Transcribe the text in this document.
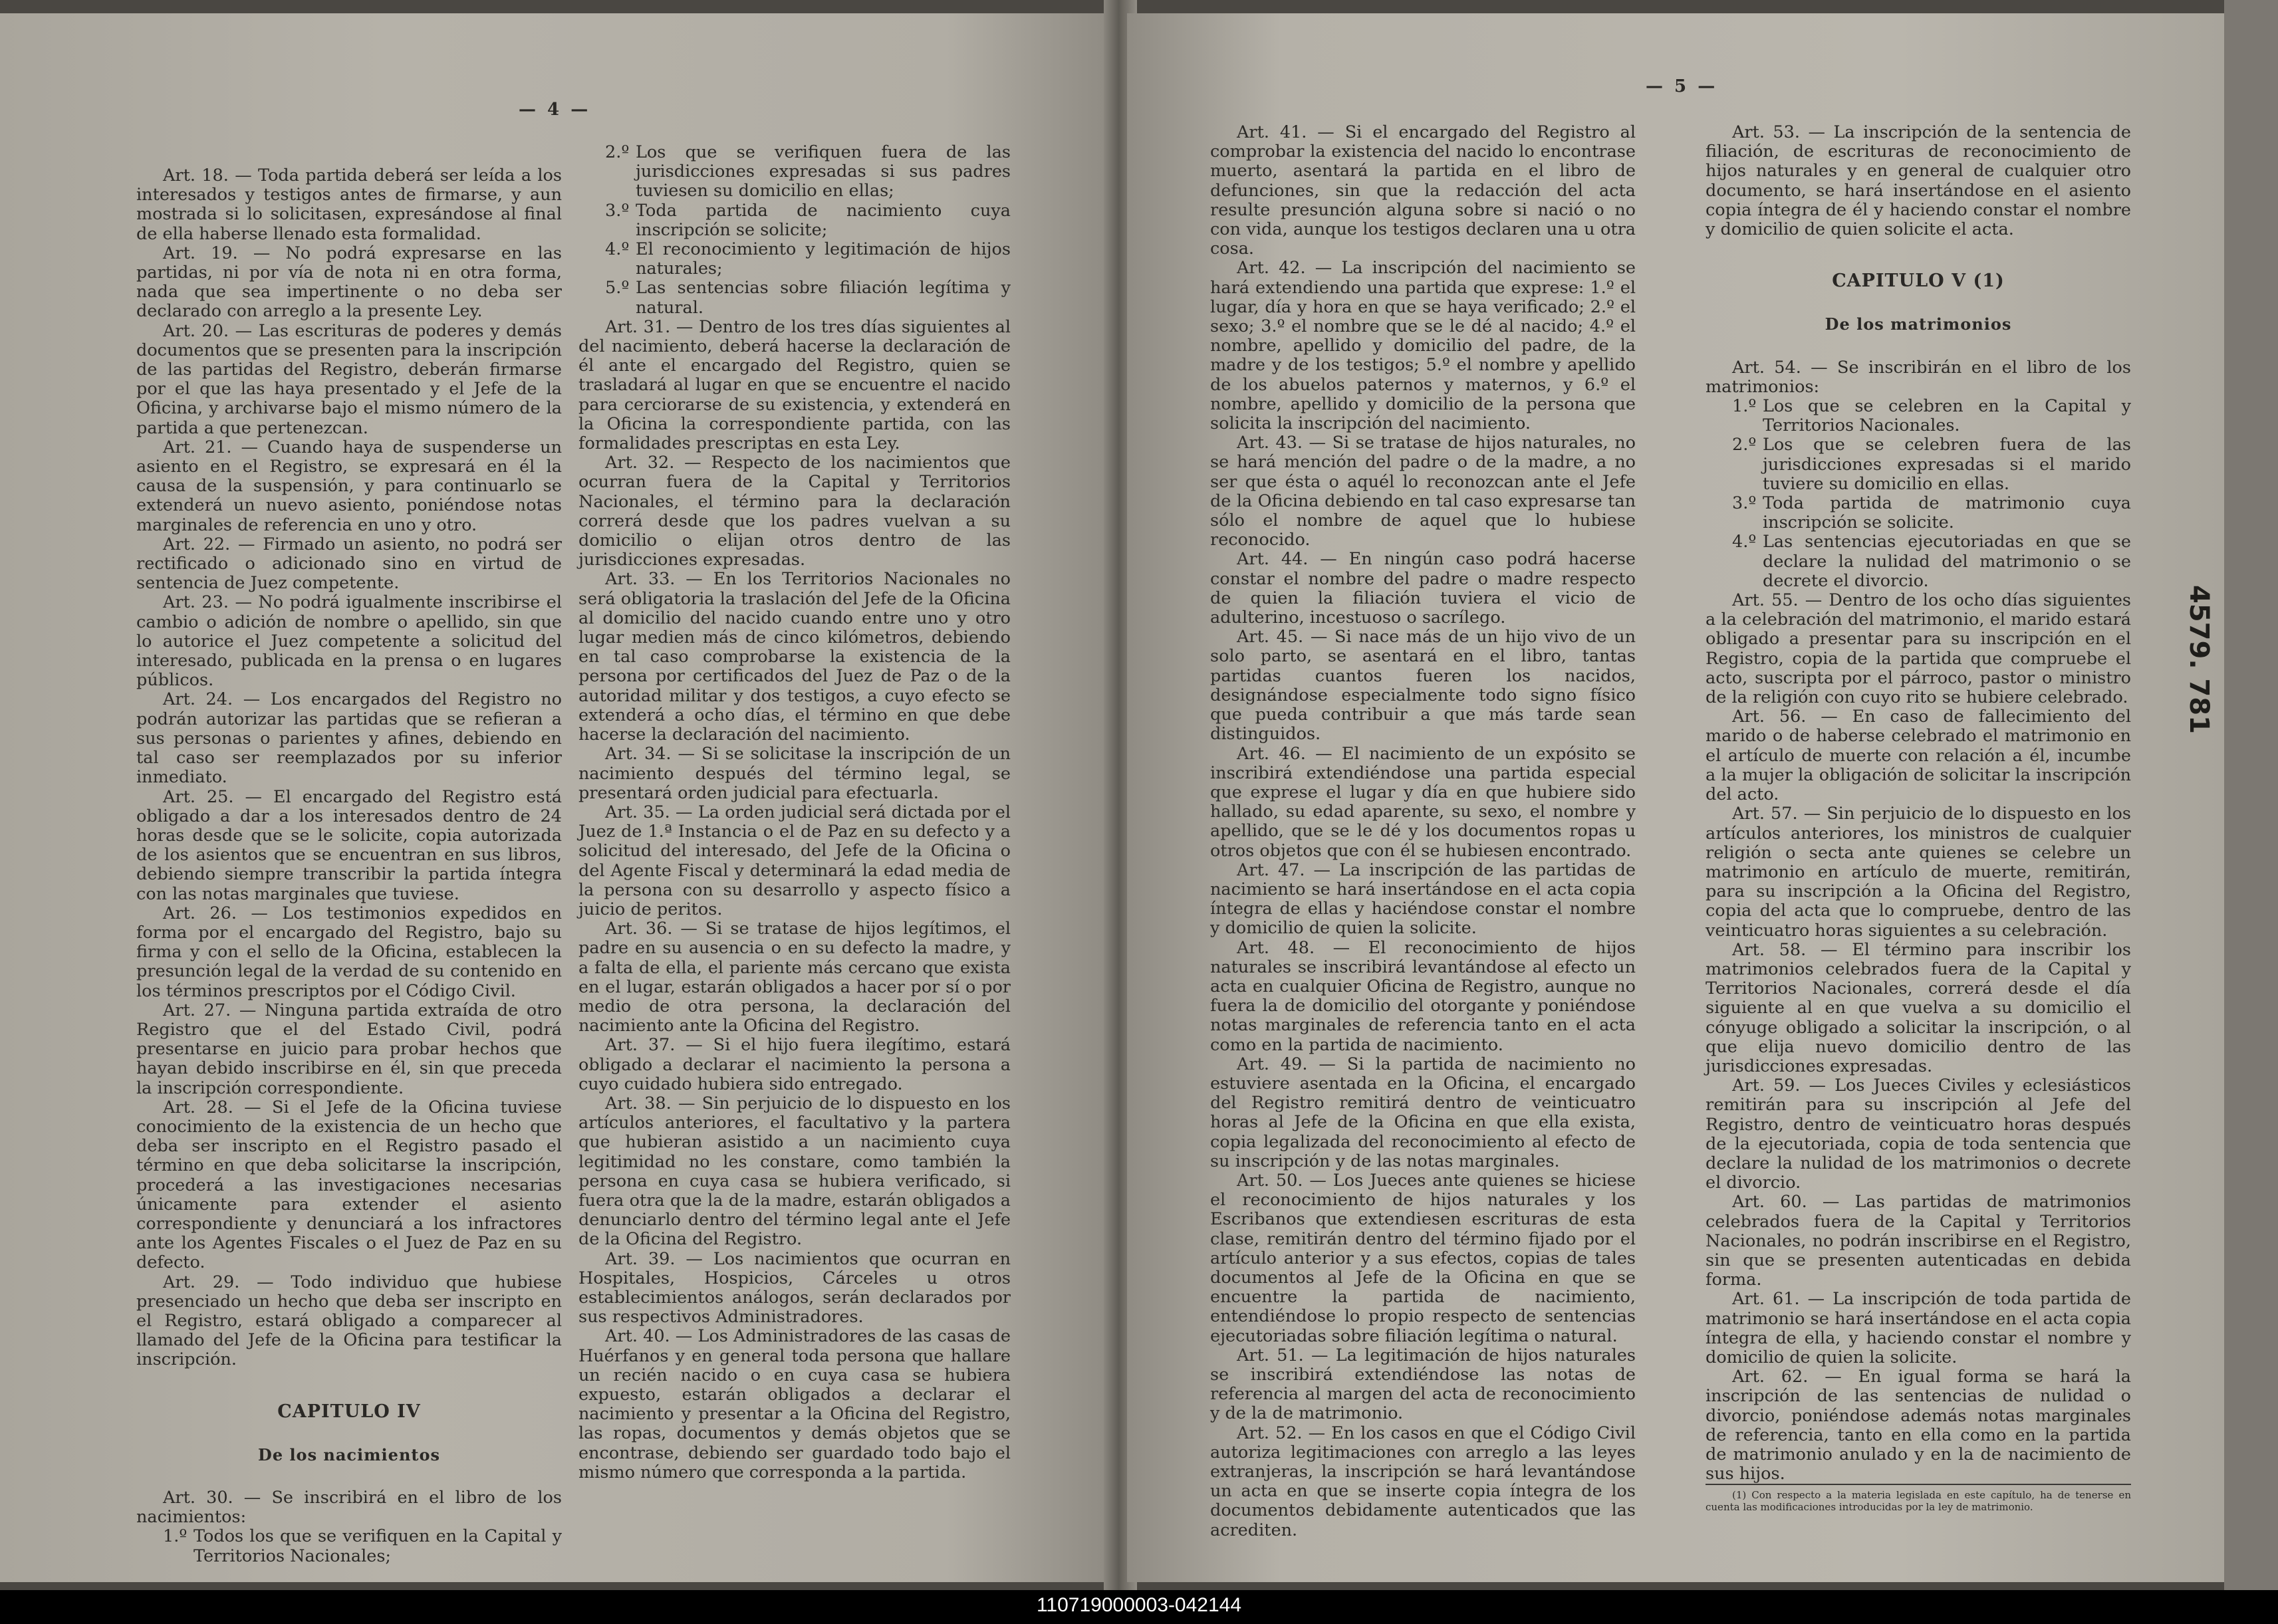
— 4 —

Art. 18. — Toda partida deberá ser leída a los interesados y testigos antes de firmarse, y aun mostrada si lo solicitasen, expresándose al final de ella haberse llenado esta formalidad.

Art. 19. — No podrá expresarse en las partidas, ni por vía de nota ni en otra forma, nada que sea impertinente o no deba ser declarado con arreglo a la presente Ley.

Art. 20. — Las escrituras de poderes y demás documentos que se presenten para la inscripción de las partidas del Registro, deberán firmarse por el que las haya presentado y el Jefe de la Oficina, y archivarse bajo el mismo número de la partida a que pertenezcan.

Art. 21. — Cuando haya de suspenderse un asiento en el Registro, se expresará en él la causa de la suspensión, y para continuarlo se extenderá un nuevo asiento, poniéndose notas marginales de referencia en uno y otro.

Art. 22. — Firmado un asiento, no podrá ser rectificado o adicionado sino en virtud de sentencia de Juez competente.

Art. 23. — No podrá igualmente inscribirse el cambio o adición de nombre o apellido, sin que lo autorice el Juez competente a solicitud del interesado, publicada en la prensa o en lugares públicos.

Art. 24. — Los encargados del Registro no podrán autorizar las partidas que se refieran a sus personas o parientes y afines, debiendo en tal caso ser reemplazados por su inferior inmediato.

Art. 25. — El encargado del Registro está obligado a dar a los interesados dentro de 24 horas desde que se le solicite, copia autorizada de los asientos que se encuentran en sus libros, debiendo siempre transcribir la partida íntegra con las notas marginales que tuviese.

Art. 26. — Los testimonios expedidos en forma por el encargado del Registro, bajo su firma y con el sello de la Oficina, establecen la presunción legal de la verdad de su contenido en los términos prescriptos por el Código Civil.

Art. 27. — Ninguna partida extraída de otro Registro que el del Estado Civil, podrá presentarse en juicio para probar hechos que hayan debido inscribirse en él, sin que preceda la inscripción correspondiente.

Art. 28. — Si el Jefe de la Oficina tuviese conocimiento de la existencia de un hecho que deba ser inscripto en el Registro pasado el término en que deba solicitarse la inscripción, procederá a las investigaciones necesarias únicamente para extender el asiento correspondiente y denunciará a los infractores ante los Agentes Fiscales o el Juez de Paz en su defecto.

Art. 29. — Todo individuo que hubiese presenciado un hecho que deba ser inscripto en el Registro, estará obligado a comparecer al llamado del Jefe de la Oficina para testificar la inscripción.

CAPITULO IV

De los nacimientos

Art. 30. — Se inscribirá en el libro de los nacimientos:

1.º Todos los que se verifiquen en la Capital y Territorios Nacionales;
2.º Los que se verifiquen fuera de las jurisdicciones expresadas si sus padres tuviesen su domicilio en ellas;
3.º Toda partida de nacimiento cuya inscripción se solicite;
4.º El reconocimiento y legitimación de hijos naturales;
5.º Las sentencias sobre filiación legítima y natural.

Art. 31. — Dentro de los tres días siguientes al del nacimiento, deberá hacerse la declaración de él ante el encargado del Registro, quien se trasladará al lugar en que se encuentre el nacido para cerciorarse de su existencia, y extenderá en la Oficina la correspondiente partida, con las formalidades prescriptas en esta Ley.

Art. 32. — Respecto de los nacimientos que ocurran fuera de la Capital y Territorios Nacionales, el término para la declaración correrá desde que los padres vuelvan a su domicilio o elijan otros dentro de las jurisdicciones expresadas.

Art. 33. — En los Territorios Nacionales no será obligatoria la traslación del Jefe de la Oficina al domicilio del nacido cuando entre uno y otro lugar medien más de cinco kilómetros, debiendo en tal caso comprobarse la existencia de la persona por certificados del Juez de Paz o de la autoridad militar y dos testigos, a cuyo efecto se extenderá a ocho días, el término en que debe hacerse la declaración del nacimiento.

Art. 34. — Si se solicitase la inscripción de un nacimiento después del término legal, se presentará orden judicial para efectuarla.

Art. 35. — La orden judicial será dictada por el Juez de 1.ª Instancia o el de Paz en su defecto y a solicitud del interesado, del Jefe de la Oficina o del Agente Fiscal y determinará la edad media de la persona con su desarrollo y aspecto físico a juicio de peritos.

Art. 36. — Si se tratase de hijos legítimos, el padre en su ausencia o en su defecto la madre, y a falta de ella, el pariente más cercano que exista en el lugar, estarán obligados a hacer por sí o por medio de otra persona, la declaración del nacimiento ante la Oficina del Registro.

Art. 37. — Si el hijo fuera ilegítimo, estará obligado a declarar el nacimiento la persona a cuyo cuidado hubiera sido entregado.

Art. 38. — Sin perjuicio de lo dispuesto en los artículos anteriores, el facultativo y la partera que hubieran asistido a un nacimiento cuya legitimidad no les constare, como también la persona en cuya casa se hubiera verificado, si fuera otra que la de la madre, estarán obligados a denunciarlo dentro del término legal ante el Jefe de la Oficina del Registro.

Art. 39. — Los nacimientos que ocurran en Hospitales, Hospicios, Cárceles u otros establecimientos análogos, serán declarados por sus respectivos Administradores.

Art. 40. — Los Administradores de las casas de Huérfanos y en general toda persona que hallare un recién nacido o en cuya casa se hubiera expuesto, estarán obligados a declarar el nacimiento y presentar a la Oficina del Registro, las ropas, documentos y demás objetos que se encontrase, debiendo ser guardado todo bajo el mismo número que corresponda a la partida.

— 5 —

Art. 41. — Si el encargado del Registro al comprobar la existencia del nacido lo encontrase muerto, asentará la partida en el libro de defunciones, sin que la redacción del acta resulte presunción alguna sobre si nació o no con vida, aunque los testigos declaren una u otra cosa.

Art. 42. — La inscripción del nacimiento se hará extendiendo una partida que exprese: 1.º el lugar, día y hora en que se haya verificado; 2.º el sexo; 3.º el nombre que se le dé al nacido; 4.º el nombre, apellido y domicilio del padre, de la madre y de los testigos; 5.º el nombre y apellido de los abuelos paternos y maternos, y 6.º el nombre, apellido y domicilio de la persona que solicita la inscripción del nacimiento.

Art. 43. — Si se tratase de hijos naturales, no se hará mención del padre o de la madre, a no ser que ésta o aquél lo reconozcan ante el Jefe de la Oficina debiendo en tal caso expresarse tan sólo el nombre de aquel que lo hubiese reconocido.

Art. 44. — En ningún caso podrá hacerse constar el nombre del padre o madre respecto de quien la filiación tuviera el vicio de adulterino, incestuoso o sacrílego.

Art. 45. — Si nace más de un hijo vivo de un solo parto, se asentará en el libro, tantas partidas cuantos fueren los nacidos, designándose especialmente todo signo físico que pueda contribuir a que más tarde sean distinguidos.

Art. 46. — El nacimiento de un expósito se inscribirá extendiéndose una partida especial que exprese el lugar y día en que hubiere sido hallado, su edad aparente, su sexo, el nombre y apellido, que se le dé y los documentos ropas u otros objetos que con él se hubiesen encontrado.

Art. 47. — La inscripción de las partidas de nacimiento se hará insertándose en el acta copia íntegra de ellas y haciéndose constar el nombre y domicilio de quien la solicite.

Art. 48. — El reconocimiento de hijos naturales se inscribirá levantándose al efecto un acta en cualquier Oficina de Registro, aunque no fuera la de domicilio del otorgante y poniéndose notas marginales de referencia tanto en el acta como en la partida de nacimiento.

Art. 49. — Si la partida de nacimiento no estuviere asentada en la Oficina, el encargado del Registro remitirá dentro de veinticuatro horas al Jefe de la Oficina en que ella exista, copia legalizada del reconocimiento al efecto de su inscripción y de las notas marginales.

Art. 50. — Los Jueces ante quienes se hiciese el reconocimiento de hijos naturales y los Escribanos que extendiesen escrituras de esta clase, remitirán dentro del término fijado por el artículo anterior y a sus efectos, copias de tales documentos al Jefe de la Oficina en que se encuentre la partida de nacimiento, entendiéndose lo propio respecto de sentencias ejecutoriadas sobre filiación legítima o natural.

Art. 51. — La legitimación de hijos naturales se inscribirá extendiéndose las notas de referencia al margen del acta de reconocimiento y de la de matrimonio.

Art. 52. — En los casos en que el Código Civil autoriza legitimaciones con arreglo a las leyes extranjeras, la inscripción se hará levantándose un acta en que se inserte copia íntegra de los documentos debidamente autenticados que las acrediten.

Art. 53. — La inscripción de la sentencia de filiación, de escrituras de reconocimiento de hijos naturales y en general de cualquier otro documento, se hará insertándose en el asiento copia íntegra de él y haciendo constar el nombre y domicilio de quien solicite el acta.

CAPITULO V (1)

De los matrimonios

Art. 54. — Se inscribirán en el libro de los matrimonios:

1.º Los que se celebren en la Capital y Territorios Nacionales.
2.º Los que se celebren fuera de las jurisdicciones expresadas si el marido tuviere su domicilio en ellas.
3.º Toda partida de matrimonio cuya inscripción se solicite.
4.º Las sentencias ejecutoriadas en que se declare la nulidad del matrimonio o se decrete el divorcio.

Art. 55. — Dentro de los ocho días siguientes a la celebración del matrimonio, el marido estará obligado a presentar para su inscripción en el Registro, copia de la partida que compruebe el acto, suscripta por el párroco, pastor o ministro de la religión con cuyo rito se hubiere celebrado.

Art. 56. — En caso de fallecimiento del marido o de haberse celebrado el matrimonio en el artículo de muerte con relación a él, incumbe a la mujer la obligación de solicitar la inscripción del acto.

Art. 57. — Sin perjuicio de lo dispuesto en los artículos anteriores, los ministros de cualquier religión o secta ante quienes se celebre un matrimonio en artículo de muerte, remitirán, para su inscripción a la Oficina del Registro, copia del acta que lo compruebe, dentro de las veinticuatro horas siguientes a su celebración.

Art. 58. — El término para inscribir los matrimonios celebrados fuera de la Capital y Territorios Nacionales, correrá desde el día siguiente al en que vuelva a su domicilio el cónyuge obligado a solicitar la inscripción, o al que elija nuevo domicilio dentro de las jurisdicciones expresadas.

Art. 59. — Los Jueces Civiles y eclesiásticos remitirán para su inscripción al Jefe del Registro, dentro de veinticuatro horas después de la ejecutoriada, copia de toda sentencia que declare la nulidad de los matrimonios o decrete el divorcio.

Art. 60. — Las partidas de matrimonios celebrados fuera de la Capital y Territorios Nacionales, no podrán inscribirse en el Registro, sin que se presenten autenticadas en debida forma.

Art. 61. — La inscripción de toda partida de matrimonio se hará insertándose en el acta copia íntegra de ella, y haciendo constar el nombre y domicilio de quien la solicite.

Art. 62. — En igual forma se hará la inscripción de las sentencias de nulidad o divorcio, poniéndose además notas marginales de referencia, tanto en ella como en la partida de matrimonio anulado y en la de nacimiento de sus hijos.

(1) Con respecto a la materia legislada en este capítulo, ha de tenerse en cuenta las modificaciones introducidas por la ley de matrimonio.

4579. 781
110719000003-042144
